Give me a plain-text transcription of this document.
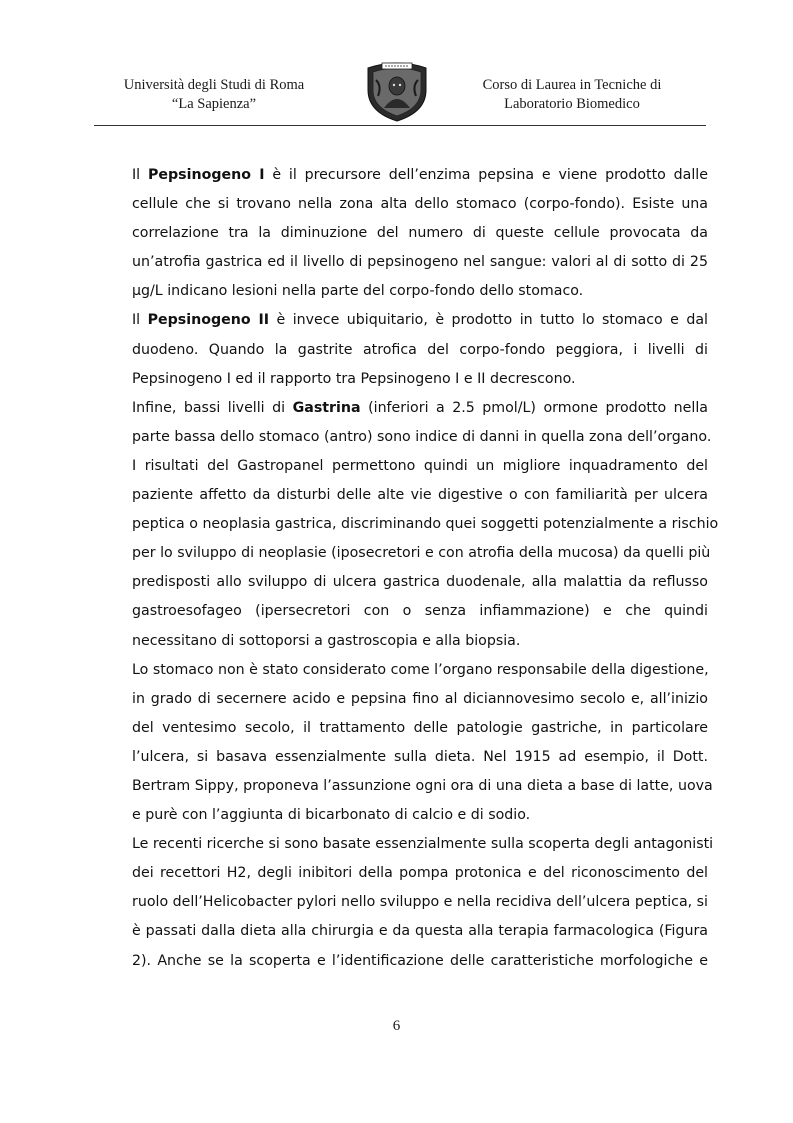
Università degli Studi di Roma
“La Sapienza”
Corso di Laurea in Tecniche di
Laboratorio Biomedico
Il Pepsinogeno I è il precursore dell’enzima pepsina e viene prodotto dalle
cellule che si trovano nella zona alta dello stomaco (corpo-fondo). Esiste una
correlazione tra la diminuzione del numero di queste cellule provocata da
un’atrofia gastrica ed il livello di pepsinogeno nel sangue: valori al di sotto di 25
µg/L indicano lesioni nella parte del corpo-fondo dello stomaco.
Il Pepsinogeno II è invece ubiquitario, è prodotto in tutto lo stomaco e dal
duodeno. Quando la gastrite atrofica del corpo-fondo peggiora, i livelli di
Pepsinogeno I ed il rapporto tra Pepsinogeno I e II decrescono.
Infine, bassi livelli di Gastrina (inferiori a 2.5 pmol/L) ormone prodotto nella
parte bassa dello stomaco (antro) sono indice di danni in quella zona dell’organo.
I risultati del Gastropanel permettono quindi un migliore inquadramento del
paziente affetto da disturbi delle alte vie digestive o con familiarità per ulcera
peptica o neoplasia gastrica, discriminando quei soggetti potenzialmente a rischio
per lo sviluppo di neoplasie (iposecretori e con atrofia della mucosa) da quelli più
predisposti allo sviluppo di ulcera gastrica duodenale, alla malattia da reflusso
gastroesofageo (ipersecretori con o senza infiammazione) e che quindi
necessitano di sottoporsi a gastroscopia e alla biopsia.
Lo stomaco non è stato considerato come l’organo responsabile della digestione,
in grado di secernere acido e pepsina fino al diciannovesimo secolo e, all’inizio
del ventesimo secolo, il trattamento delle patologie gastriche, in particolare
l’ulcera, si basava essenzialmente sulla dieta. Nel 1915 ad esempio, il Dott.
Bertram Sippy, proponeva l’assunzione ogni ora di una dieta a base di latte, uova
e purè con l’aggiunta di bicarbonato di calcio e di sodio.
Le recenti ricerche si sono basate essenzialmente sulla scoperta degli antagonisti
dei recettori H2, degli inibitori della pompa protonica e del riconoscimento del
ruolo dell’Helicobacter pylori nello sviluppo e nella recidiva dell’ulcera peptica, si
è passati dalla dieta alla chirurgia e da questa alla terapia farmacologica (Figura
2). Anche se la scoperta e l’identificazione delle caratteristiche morfologiche e
6
